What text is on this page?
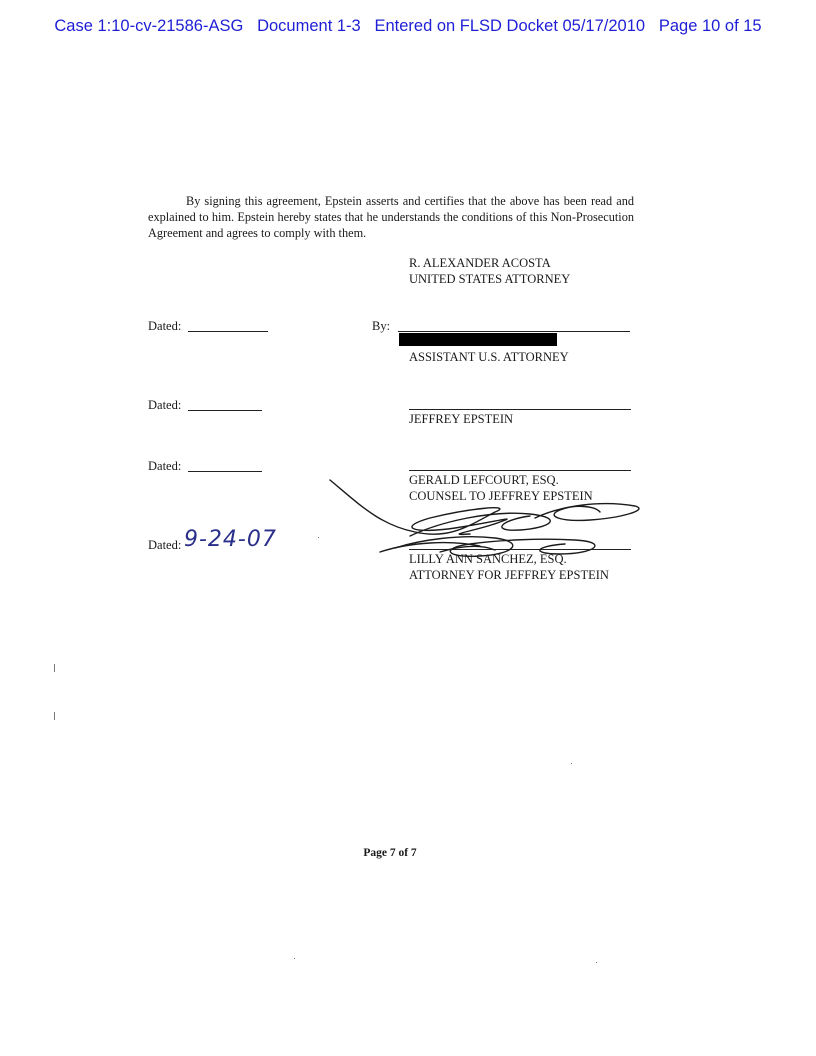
Case 1:10-cv-21586-ASG Document 1-3 Entered on FLSD Docket 05/17/2010 Page 10 of 15
By signing this agreement, Epstein asserts and certifies that the above has been read and explained to him. Epstein hereby states that he understands the conditions of this Non-Prosecution Agreement and agrees to comply with them.
R. ALEXANDER ACOSTA
UNITED STATES ATTORNEY
Dated:	By:
ASSISTANT U.S. ATTORNEY
Dated:
JEFFREY EPSTEIN
Dated:
GERALD LEFCOURT, ESQ.
COUNSEL TO JEFFREY EPSTEIN
Dated: 9-24-07
LILLY ANN SANCHEZ, ESQ.
ATTORNEY FOR JEFFREY EPSTEIN
Page 7 of 7
